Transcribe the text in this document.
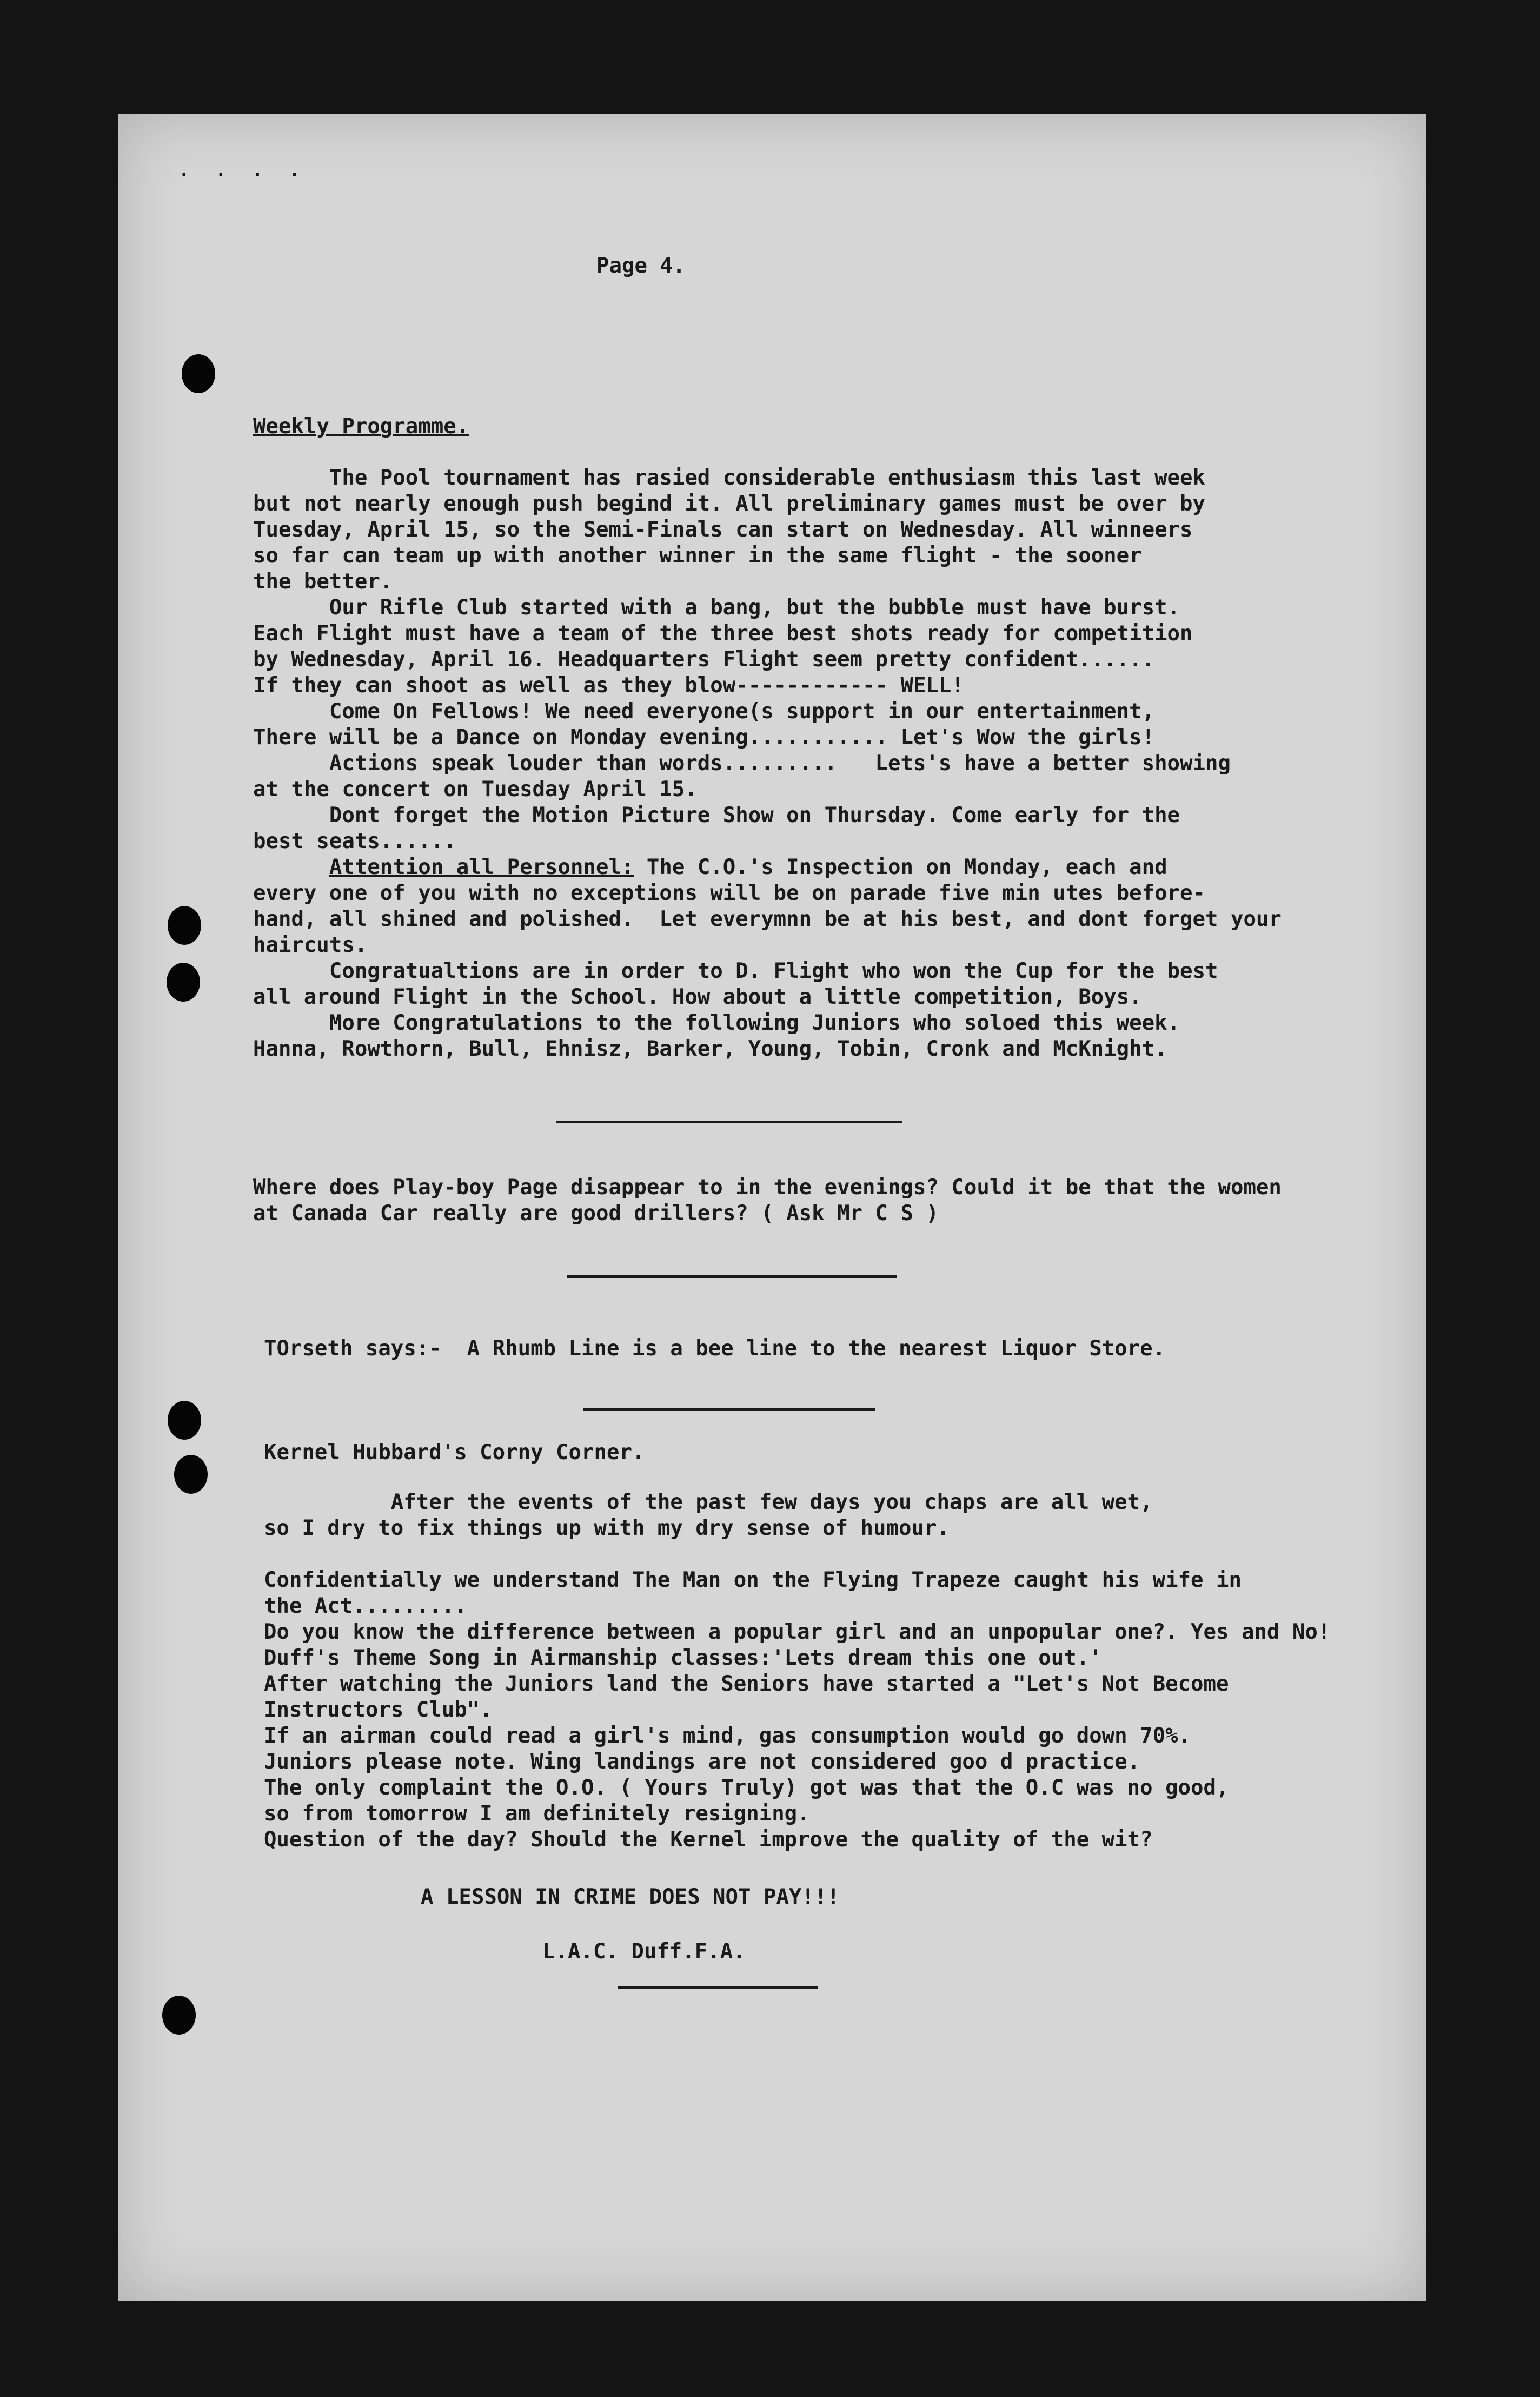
. . . .
Page 4.
Weekly Programme.
The Pool tournament has rasied considerable enthusiasm this last week
but not nearly enough push begind it. All preliminary games must be over by
Tuesday, April 15, so the Semi-Finals can start on Wednesday. All winneers
so far can team up with another winner in the same flight - the sooner
the better.
Our Rifle Club started with a bang, but the bubble must have burst.
Each Flight must have a team of the three best shots ready for competition
by Wednesday, April 16. Headquarters Flight seem pretty confident......
If they can shoot as well as they blow------------ WELL!
Come On Fellows! We need everyone(s support in our entertainment,
There will be a Dance on Monday evening........... Let's Wow the girls!
Actions speak louder than words.........   Lets's have a better showing
at the concert on Tuesday April 15.
Dont forget the Motion Picture Show on Thursday. Come early for the
best seats......
Attention all Personnel: The C.O.'s Inspection on Monday, each and
every one of you with no exceptions will be on parade five min utes before-
hand, all shined and polished.  Let everymnn be at his best, and dont forget your
haircuts.
Congratualtions are in order to D. Flight who won the Cup for the best
all around Flight in the School. How about a little competition, Boys.
More Congratulations to the following Juniors who soloed this week.
Hanna, Rowthorn, Bull, Ehnisz, Barker, Young, Tobin, Cronk and McKnight.
Where does Play-boy Page disappear to in the evenings? Could it be that the women
at Canada Car really are good drillers? ( Ask Mr C S )
TOrseth says:-  A Rhumb Line is a bee line to the nearest Liquor Store.
Kernel Hubbard's Corny Corner.
After the events of the past few days you chaps are all wet,
so I dry to fix things up with my dry sense of humour.
Confidentially we understand The Man on the Flying Trapeze caught his wife in
the Act.........
Do you know the difference between a popular girl and an unpopular one?. Yes and No!
Duff's Theme Song in Airmanship classes:'Lets dream this one out.'
After watching the Juniors land the Seniors have started a "Let's Not Become
Instructors Club".
If an airman could read a girl's mind, gas consumption would go down 70%.
Juniors please note. Wing landings are not considered goo d practice.
The only complaint the O.O. ( Yours Truly) got was that the O.C was no good,
so from tomorrow I am definitely resigning.
Question of the day? Should the Kernel improve the quality of the wit?
A LESSON IN CRIME DOES NOT PAY!!!
L.A.C. Duff.F.A.
